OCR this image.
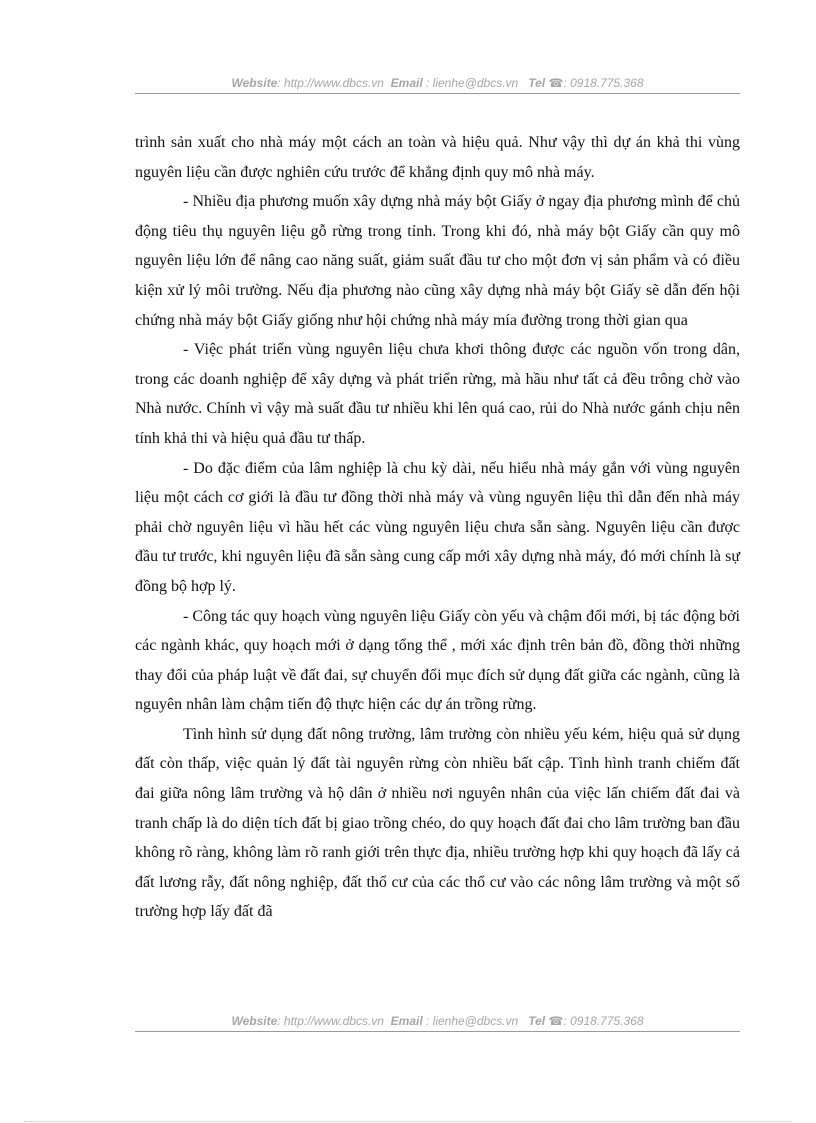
Website: http://www.dbcs.vn Email : lienhe@dbcs.vn Tel ☎: 0918.775.368

trình sản xuất cho nhà máy một cách an toàn và hiệu quả. Như vậy thì dự án khả thi vùng nguyên liệu cần được nghiên cứu trước để khẳng định quy mô nhà máy.

- Nhiều địa phương muốn xây dựng nhà máy bột Giấy ở ngay địa phương mình để chủ động tiêu thụ nguyên liệu gỗ rừng trong tỉnh. Trong khi đó, nhà máy bột Giấy cần quy mô nguyên liệu lớn để nâng cao năng suất, giảm suất đầu tư cho một đơn vị sản phẩm và có điều kiện xử lý môi trường. Nếu địa phương nào cũng xây dựng nhà máy bột Giấy sẽ dẫn đến hội chứng nhà máy bột Giấy giống như hội chứng nhà máy mía đường trong thời gian qua

- Việc phát triển vùng nguyên liệu chưa khơi thông được các nguồn vốn trong dân, trong các doanh nghiệp để xây dựng và phát triển rừng, mà hầu như tất cả đều trông chờ vào Nhà nước. Chính vì vậy mà suất đầu tư nhiều khi lên quá cao, rủi do Nhà nước gánh chịu nên tính khả thi và hiệu quả đầu tư thấp.

- Do đặc điểm của lâm nghiệp là chu kỳ dài, nếu hiểu nhà máy gắn với vùng nguyên liệu một cách cơ giới là đầu tư đồng thời nhà máy và vùng nguyên liệu thì dẫn đến nhà máy phải chờ nguyên liệu vì hầu hết các vùng nguyên liệu chưa sẵn sàng. Nguyên liệu cần được đầu tư trước, khi nguyên liệu đã sẵn sàng cung cấp mới xây dựng nhà máy, đó mới chính là sự đồng bộ hợp lý.

- Công tác quy hoạch vùng nguyên liệu Giấy còn yếu và chậm đổi mới, bị tác động bởi các ngành khác, quy hoạch mới ở dạng tổng thể , mới xác định trên bản đồ, đồng thời những thay đổi của pháp luật về đất đai, sự chuyển đổi mục đích sử dụng đất giữa các ngành, cũng là nguyên nhân làm chậm tiến độ thực hiện các dự án trồng rừng.

Tình hình sử dụng đất nông trường, lâm trường còn nhiều yếu kém, hiệu quả sử dụng đất còn thấp, việc quản lý đất tài nguyên rừng còn nhiều bất cập. Tình hình tranh chiếm đất đai giữa nông lâm trường và hộ dân ở nhiều nơi nguyên nhân của việc lấn chiếm đất đai và tranh chấp là do diện tích đất bị giao trồng chéo, do quy hoạch đất đai cho lâm trường ban đầu không rõ ràng, không làm rõ ranh giới trên thực địa, nhiều trường hợp khi quy hoạch đã lấy cả đất lương rẫy, đất nông nghiệp, đất thổ cư của các thổ cư vào các nông lâm trường và một số trường hợp lấy đất đã

Website: http://www.dbcs.vn Email : lienhe@dbcs.vn Tel ☎: 0918.775.368
